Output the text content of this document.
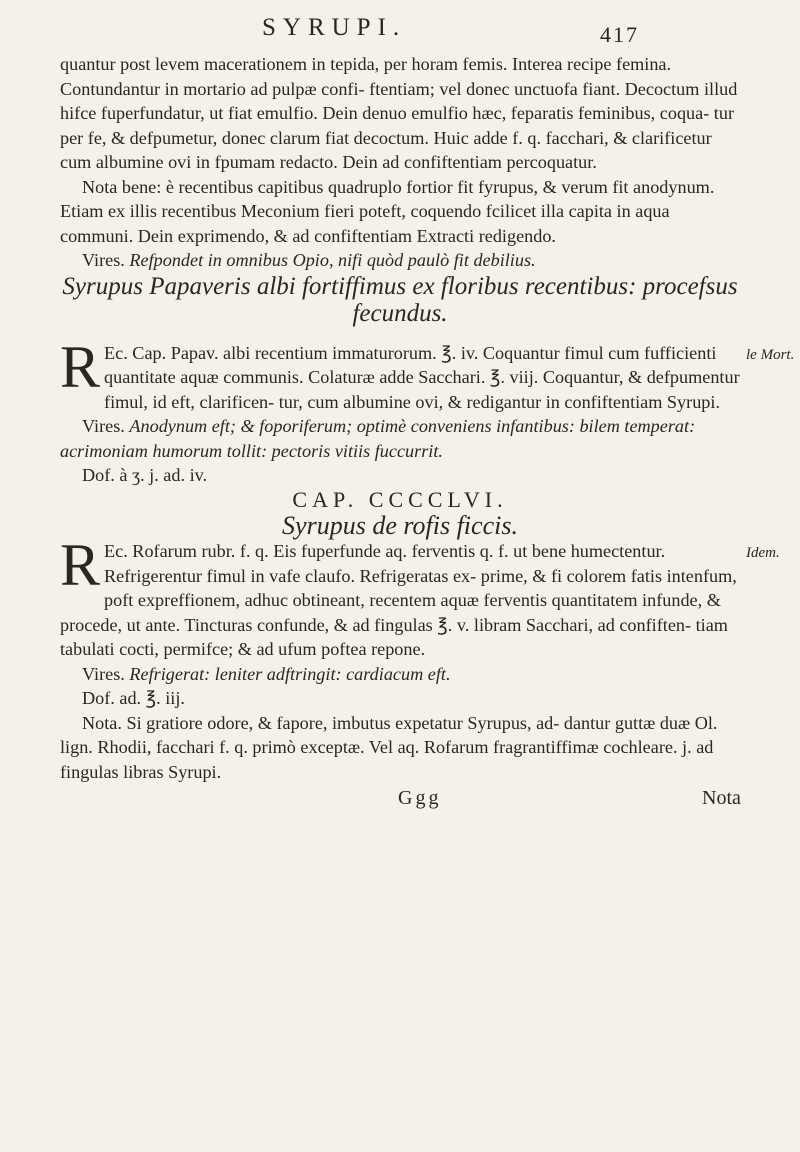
SYRUPI.	417

quantur post levem macerationem in tepida, per horam femis. Interea recipe femina. Contundantur in mortario ad pulpæ confi- ftentiam; vel donec unctuofa fiant. Decoctum illud hifce fuperfundatur, ut fiat emulfio. Dein denuo emulfio hæc, feparatis feminibus, coqua- tur per fe, & defpumetur, donec clarum fiat decoctum. Huic adde f. q. facchari, & clarificetur cum albumine ovi in fpumam redacto. Dein ad confiftentiam percoquatur.

Nota bene: è recentibus capitibus quadruplo fortior fit fyrupus, & verum fit anodynum. Etiam ex illis recentibus Meconium fieri poteft, coquendo fcilicet illa capita in aqua communi. Dein exprimendo, & ad confiftentiam Extracti redigendo.

Vires. Refpondet in omnibus Opio, nifi quòd paulò fit debilius.

Syrupus Papaveris albi fortiffimus ex floribus recentibus: procefsus fecundus.

le Mort.

R Ec. Cap. Papav. albi recentium immaturorum. ℥. iv. Coquantur fimul cum fufficienti quantitate aquæ communis. Colaturæ adde Sacchari. ℥. viij. Coquantur, & defpumentur fimul, id eft, clarificen- tur, cum albumine ovi, & redigantur in confiftentiam Syrupi.

Vires. Anodynum eft; & foporiferum; optimè conveniens infantibus: bilem temperat: acrimoniam humorum tollit: pectoris vitiis fuccurrit.

Dof. à ʒ. j. ad. iv.

CAP. CCCCLVI.

Syrupus de rofis ficcis.

Idem.

R Ec. Rofarum rubr. f. q. Eis fuperfunde aq. ferventis q. f. ut bene humectentur. Refrigerentur fimul in vafe claufo. Refrigeratas ex- prime, & fi colorem fatis intenfum, poft expreffionem, adhuc obtineant, recentem aquæ ferventis quantitatem infunde, & procede, ut ante. Tincturas confunde, & ad fingulas ℥. v. libram Sacchari, ad confiften- tiam tabulati cocti, permifce; & ad ufum poftea repone.

Vires. Refrigerat: leniter adftringit: cardiacum eft.

Dof. ad. ℥. iij.

Nota. Si gratiore odore, & fapore, imbutus expetatur Syrupus, ad- dantur guttæ duæ Ol. lign. Rhodii, facchari f. q. primò exceptæ. Vel aq. Rofarum fragrantiffimæ cochleare. j. ad fingulas libras Syrupi.

Ggg	Nota
